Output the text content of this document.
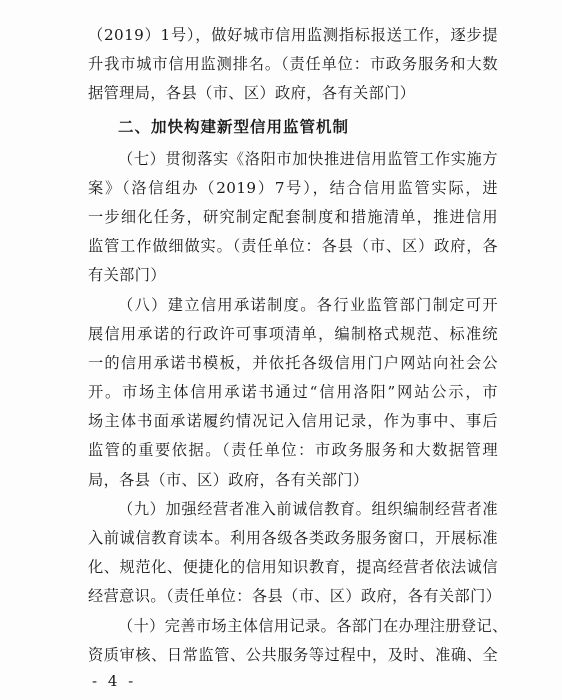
（2019）1号），做好城市信用监测指标报送工作，逐步提
升我市城市信用监测排名。（责任单位：市政务服务和大数
据管理局，各县（市、区）政府，各有关部门）
二、加快构建新型信用监管机制
（七）贯彻落实《洛阳市加快推进信用监管工作实施方
案》（洛信组办（2019）7号），结合信用监管实际，进
一步细化任务，研究制定配套制度和措施清单，推进信用
监管工作做细做实。（责任单位：各县（市、区）政府，各
有关部门）
（八）建立信用承诺制度。各行业监管部门制定可开
展信用承诺的行政许可事项清单，编制格式规范、标准统
一的信用承诺书模板，并依托各级信用门户网站向社会公
开。市场主体信用承诺书通过“信用洛阳”网站公示，市
场主体书面承诺履约情况记入信用记录，作为事中、事后
监管的重要依据。（责任单位：市政务服务和大数据管理
局，各县（市、区）政府，各有关部门）
（九）加强经营者准入前诚信教育。组织编制经营者准
入前诚信教育读本。利用各级各类政务服务窗口，开展标准
化、规范化、便捷化的信用知识教育，提高经营者依法诚信
经营意识。（责任单位：各县（市、区）政府，各有关部门）
（十）完善市场主体信用记录。各部门在办理注册登记、
资质审核、日常监管、公共服务等过程中，及时、准确、全
- 4 -
